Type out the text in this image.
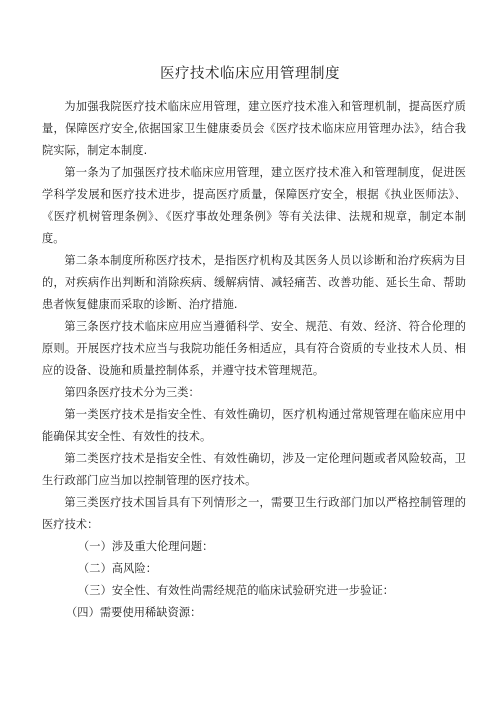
医疗技术临床应用管理制度

为加强我院医疗技术临床应用管理，建立医疗技术准入和管理机制，提高医疗质量，保障医疗安全,依据国家卫生健康委员会《医疗技术临床应用管理办法》，结合我院实际，制定本制度.

第一条为了加强医疗技术临床应用管理，建立医疗技术准入和管理制度，促进医学科学发展和医疗技术进步，提高医疗质量，保障医疗安全，根据《执业医师法》、《医疗机树管理条例》、《医疗事故处理条例》等有关法律、法规和规章，制定本制度。

第二条本制度所称医疗技术，是指医疗机构及其医务人员以诊断和治疗疾病为目的，对疾病作出判断和消除疾病、缓解病情、减轻痛苦、改善功能、延长生命、帮助患者恢复健康而采取的诊断、治疗措施.

第三条医疗技术临床应用应当遵循科学、安全、规范、有效、经济、符合伦理的原则。开展医疗技术应当与我院功能任务相适应，具有符合资质的专业技术人员、相应的设备、设施和质量控制体系，并遵守技术管理规范。

第四条医疗技术分为三类：

第一类医疗技术是指安全性、有效性确切，医疗机构通过常规管理在临床应用中能确保其安全性、有效性的技术。

第二类医疗技术是指安全性、有效性确切，涉及一定伦理问题或者风险较高，卫生行政部门应当加以控制管理的医疗技术。

第三类医疗技术国旨具有下列情形之一，需要卫生行政部门加以严格控制管理的医疗技术：

（一）涉及重大伦理问题：

（二）高风险：

（三）安全性、有效性尚需经规范的临床试验研究进一步验证：

（四）需要使用稀缺资源：
